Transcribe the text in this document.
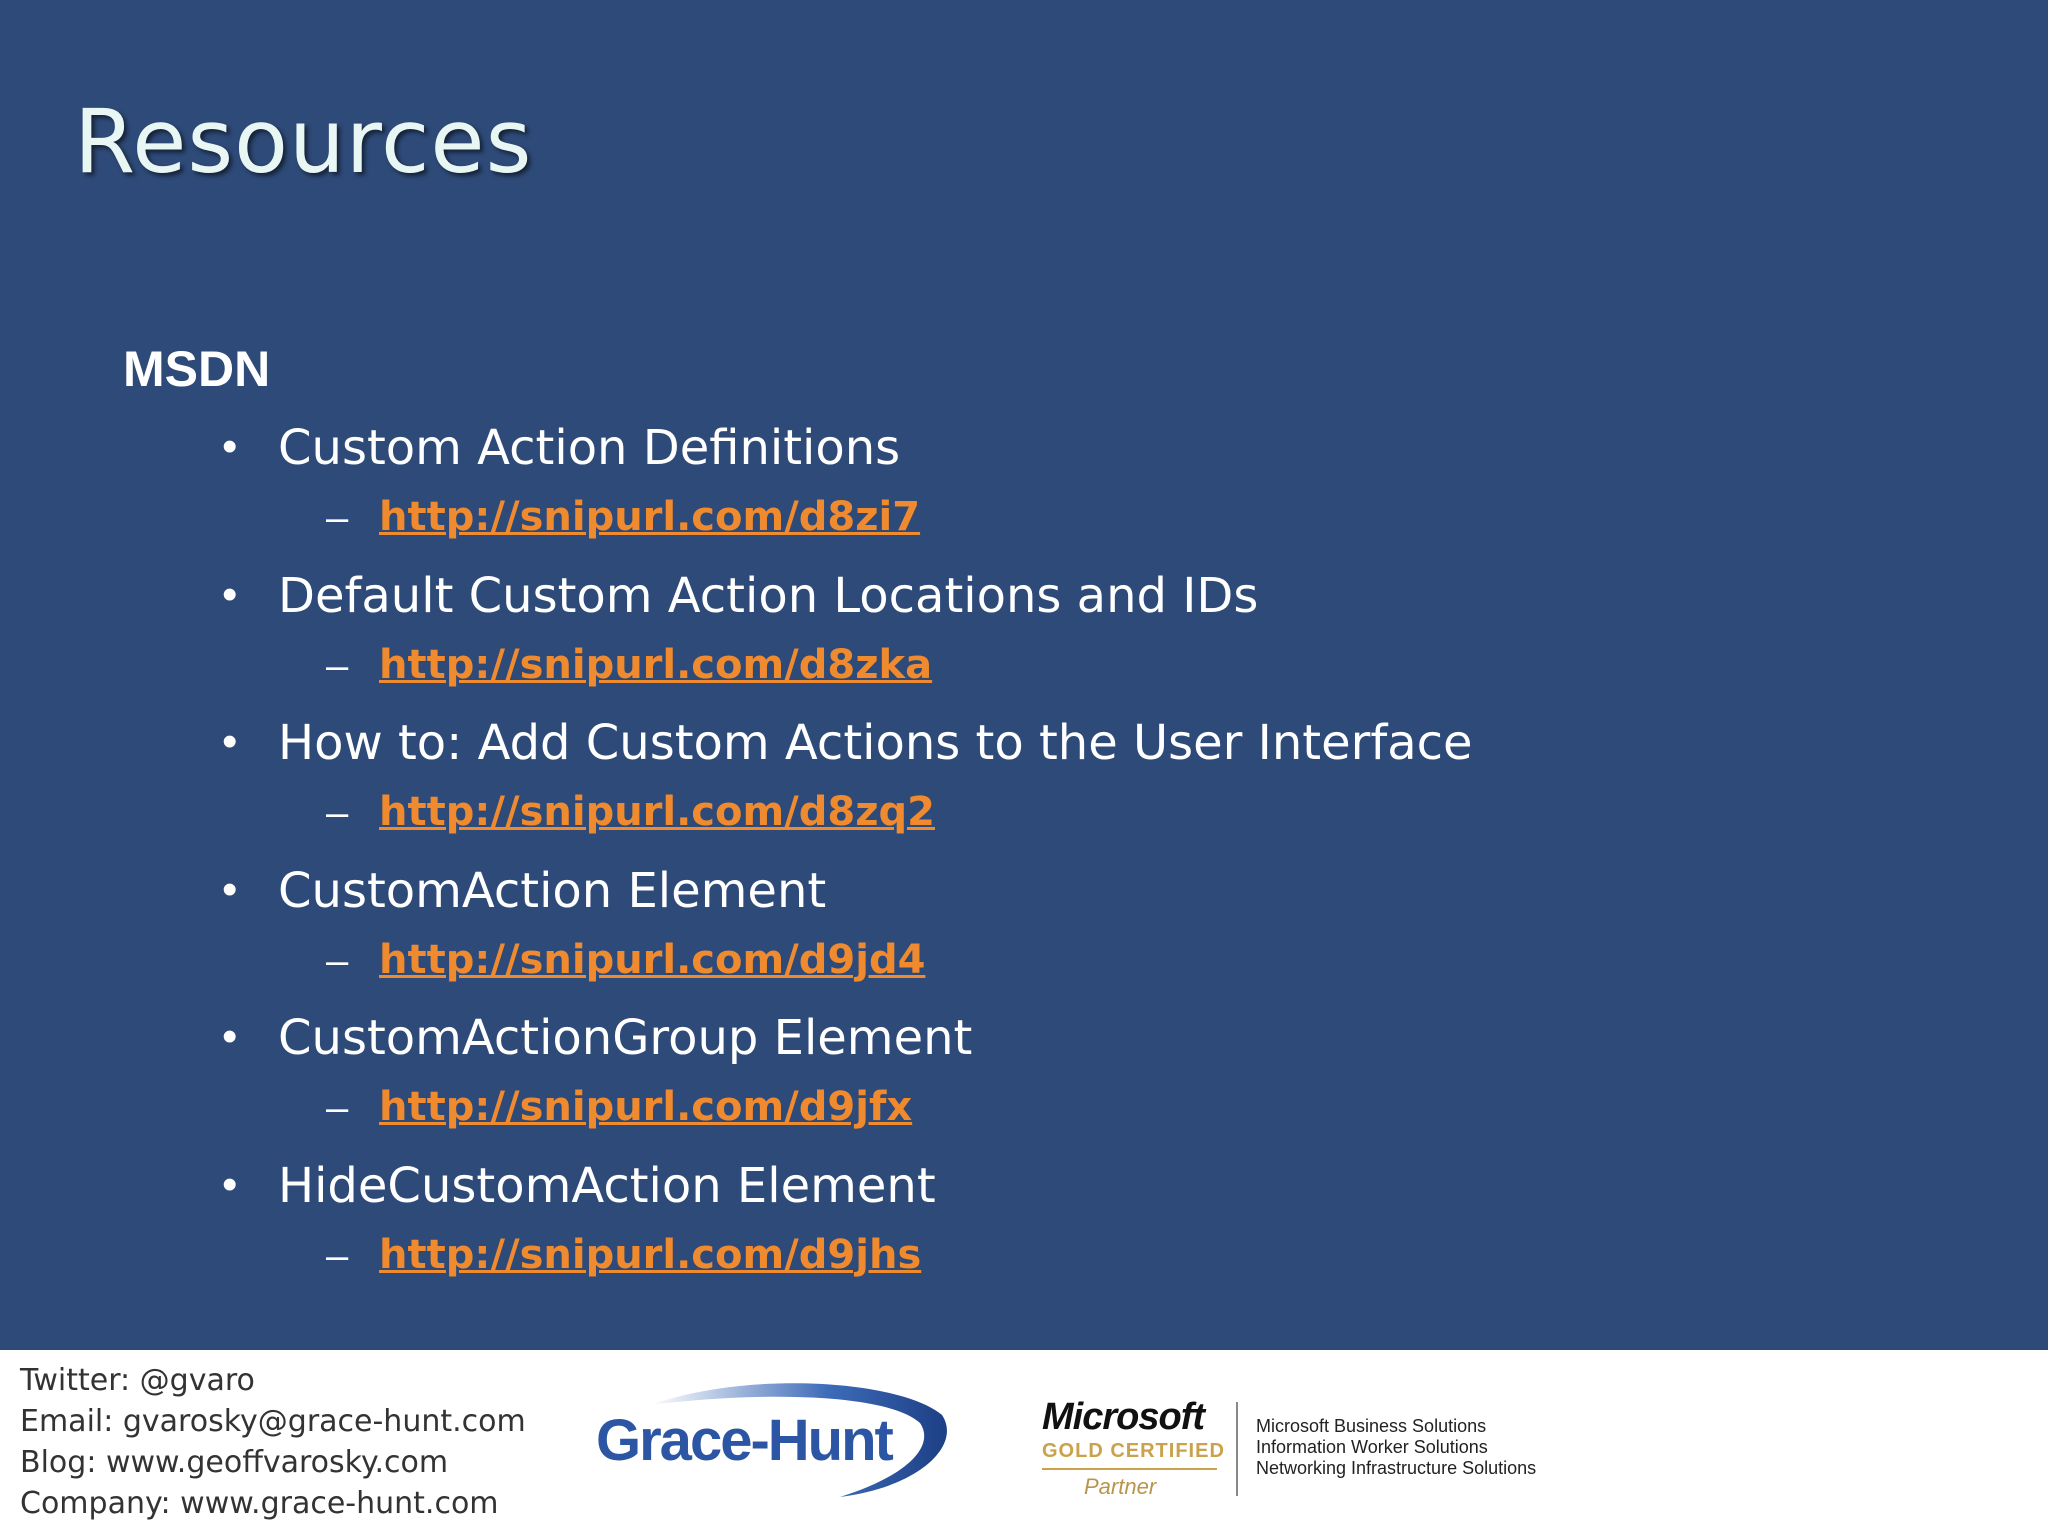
Resources
MSDN
• Custom Action Definitions
– http://snipurl.com/d8zi7
• Default Custom Action Locations and IDs
– http://snipurl.com/d8zka
• How to: Add Custom Actions to the User Interface
– http://snipurl.com/d8zq2
• CustomAction Element
– http://snipurl.com/d9jd4
• CustomActionGroup Element
– http://snipurl.com/d9jfx
• HideCustomAction Element
– http://snipurl.com/d9jhs
Twitter: @gvaro
Email: gvarosky@grace-hunt.com
Blog: www.geoffvarosky.com
Company: www.grace-hunt.com
Grace-Hunt	Microsoft
GOLD CERTIFIED
Partner
Microsoft Business Solutions
Information Worker Solutions
Networking Infrastructure Solutions
